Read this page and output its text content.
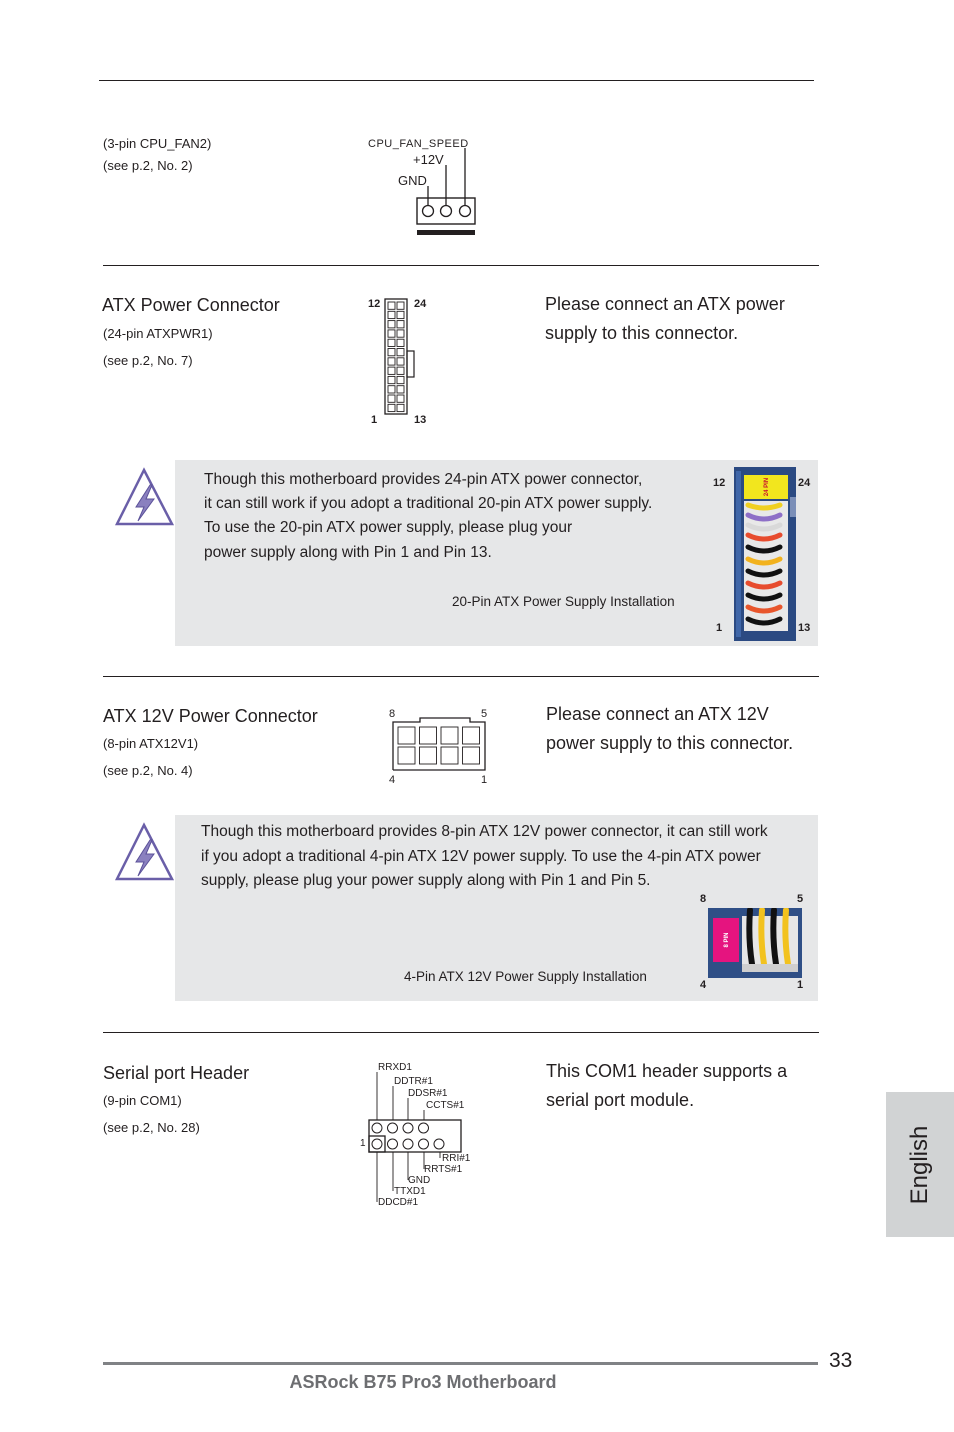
(3-pin CPU_FAN2)
(see p.2, No. 2)
CPU_FAN_SPEED
+12V
GND
ATX Power Connector
(24-pin ATXPWR1)
(see p.2, No. 7)
12	24
1	13
Please connect an ATX power
supply to this connector.
Though this motherboard provides 24-pin ATX power connector,
it can still work if you adopt a traditional 20-pin ATX power supply.
To use the 20-pin ATX power supply, please plug your
power supply along with Pin 1 and Pin 13.
20-Pin ATX Power Supply Installation
12	24
1	13
24 PIN
ATX 12V Power Connector
(8-pin ATX12V1)
(see p.2, No. 4)
8	5
4	1
Please connect an ATX 12V
power supply to this connector.
Though this motherboard provides 8-pin ATX 12V power connector, it can still work
if you adopt a traditional 4-pin ATX 12V power supply. To use the 4-pin ATX power
supply, please plug your power supply along with Pin 1 and Pin 5.
4-Pin ATX 12V Power Supply Installation
8	5
4	1
8 PIN
Serial port Header
(9-pin COM1)
(see p.2, No. 28)
RRXD1
DDTR#1
DDSR#1
CCTS#1
RRI#1
RRTS#1
GND
TTXD1
DDCD#1
1
This COM1 header supports a
serial port module.
English
33
ASRock B75 Pro3 Motherboard
